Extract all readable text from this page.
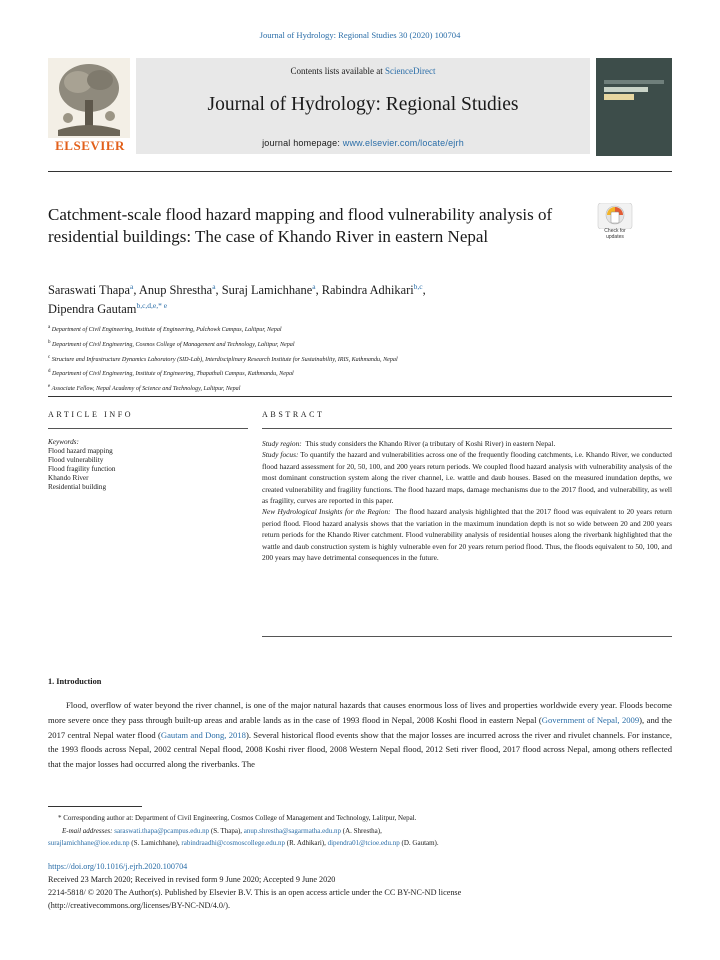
Journal of Hydrology: Regional Studies 30 (2020) 100704
ELSEVIER
Contents lists available at ScienceDirect
Journal of Hydrology: Regional Studies
journal homepage: www.elsevier.com/locate/ejrh
Catchment-scale flood hazard mapping and flood vulnerability analysis of residential buildings: The case of Khando River in eastern Nepal	Check for
updates
Saraswati Thapa$^a$, Anup Shrestha$^a$, Suraj Lamichhane$^a$, Rabindra Adhikari$^{b,c}$,
Dipendra Gautam$^{b,c,d,e,* e}$
$^a$ Department of Civil Engineering, Institute of Engineering, Pulchowk Campus, Lalitpur, Nepal
$^b$ Department of Civil Engineering, Cosmos College of Management and Technology, Lalitpur, Nepal
$^c$ Structure and Infrastructure Dynamics Laboratory (SID-Lab), Interdisciplinary Research Institute for Sustainability, IRIS, Kathmandu, Nepal
$^d$ Department of Civil Engineering, Institute of Engineering, Thapathali Campus, Kathmandu, Nepal
$^e$ Associate Fellow, Nepal Academy of Science and Technology, Lalitpur, Nepal
ARTICLE INFO	ABSTRACT
Keywords:
Flood hazard mapping
Flood vulnerability
Flood fragility function
Khando River
Residential building
Study region: This study considers the Khando River (a tributary of Koshi River) in eastern Nepal.
Study focus: To quantify the hazard and vulnerabilities across one of the frequently flooding catchments, i.e. Khando River, we conducted flood hazard assessment for 20, 50, 100, and 200 years return periods. We coupled flood hazard analysis with vulnerability analysis of the most dominant construction system along the river channel, i.e. wattle and daub houses. Based on the measured inundation depths, we created vulnerability and fragility functions. The flood hazard maps, damage mechanisms due to the 2017 flood, and vulnerability, as well as fragility, curves are reported in this paper.
New Hydrological Insights for the Region: The flood hazard analysis highlighted that the 2017 flood was equivalent to 20 years return period flood. Flood hazard analysis shows that the variation in the maximum inundation depth is not so wide between 20 and 200 years return periods for the Khando River catchment. Flood vulnerability analysis of residential houses along the riverbank highlighted that the wattle and daub construction system is highly vulnerable even for 20 years return period flood. Thus, the floods equivalent to 50, 100, and 200 years may have detrimental consequences in the future.
1. Introduction
Flood, overflow of water beyond the river channel, is one of the major natural hazards that causes enormous loss of lives and properties worldwide every year. Floods become more severe once they pass through built-up areas and arable lands as in the case of 1993 flood in Nepal, 2008 Koshi flood in eastern Nepal (Government of Nepal, 2009), and the 2017 central Nepal water flood (Gautam and Dong, 2018). Several historical flood events show that the major losses are incurred across the river and rivulet channels. For instance, the 1993 floods across Nepal, 2002 central Nepal flood, 2008 Koshi river flood, 2008 Western Nepal flood, 2012 Seti river flood, 2017 flood across Nepal, among others reflected that the major losses had occurred along the riverbanks. The
* Corresponding author at: Department of Civil Engineering, Cosmos College of Management and Technology, Lalitpur, Nepal.
E-mail addresses: saraswati.thapa@pcampus.edu.np (S. Thapa), anup.shrestha@sagarmatha.edu.np (A. Shrestha),
surajlamichhane@ioe.edu.np (S. Lamichhane), rabindraadhi@cosmoscollege.edu.np (R. Adhikari), dipendra01@tcioe.edu.np (D. Gautam).
https://doi.org/10.1016/j.ejrh.2020.100704
Received 23 March 2020; Received in revised form 9 June 2020; Accepted 9 June 2020
2214-5818/ © 2020 The Author(s). Published by Elsevier B.V. This is an open access article under the CC BY-NC-ND license
(http://creativecommons.org/licenses/BY-NC-ND/4.0/).
